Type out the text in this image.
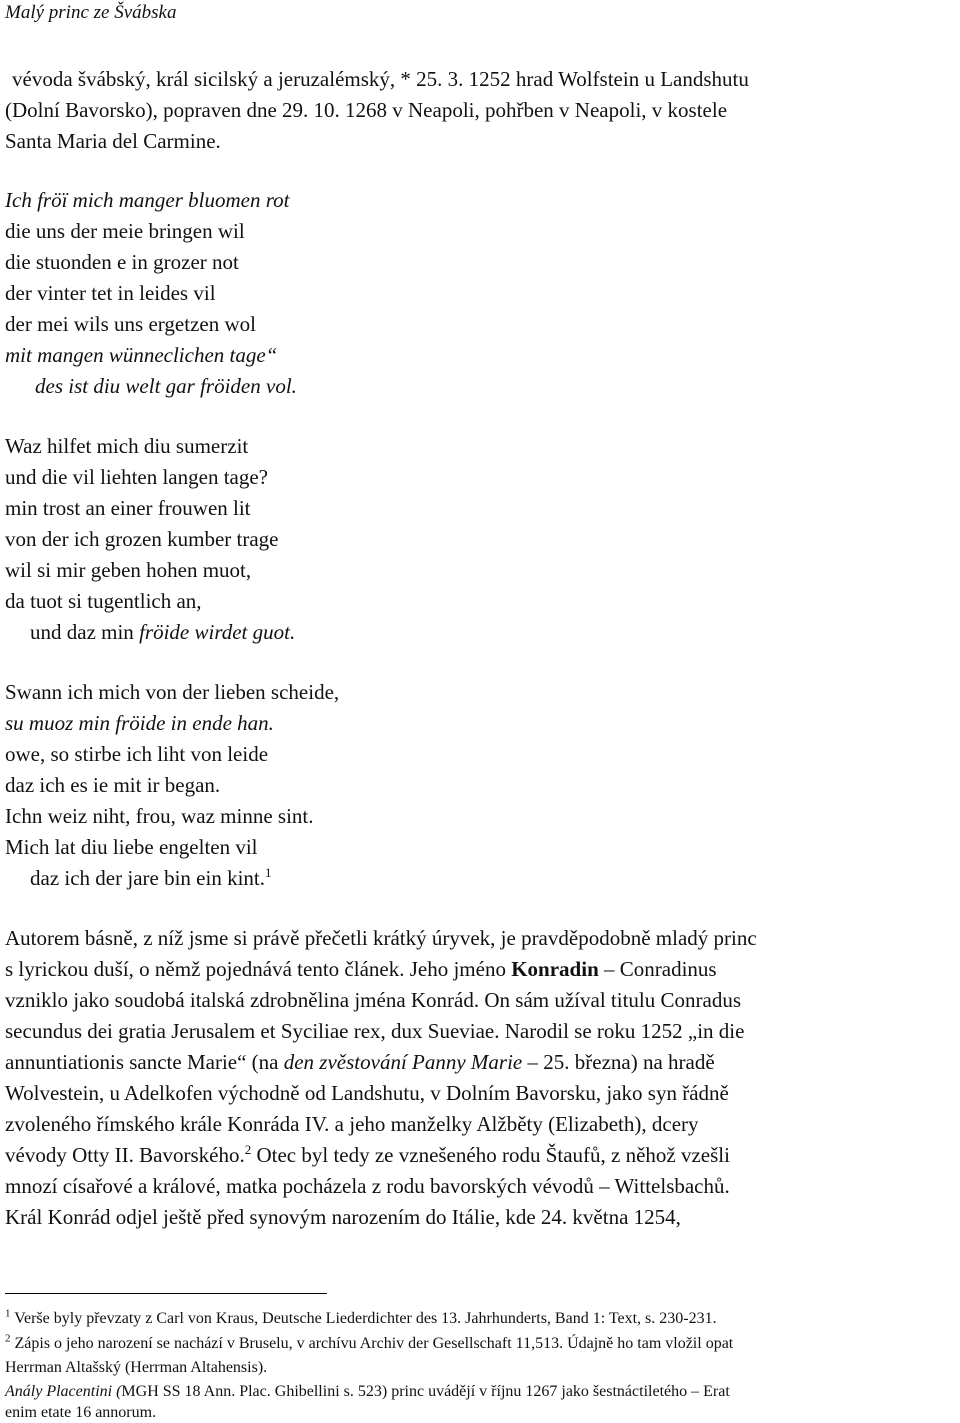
Malý princ ze Švábska
vévoda švábský, král sicilský a jeruzalémský, * 25. 3. 1252 hrad Wolfstein u Landshutu
(Dolní Bavorsko), popraven dne 29. 10. 1268 v Neapoli, pohřben v Neapoli, v kostele
Santa Maria del Carmine.
Ich fröï mich manger bluomen rot
die uns der meie bringen wil
die stuonden e in grozer not
der vinter tet in leides vil
der mei wils uns ergetzen wol
mit mangen wünneclichen tage“
des ist diu welt gar fröiden vol.
Waz hilfet mich diu sumerzit
und die vil liehten langen tage?
min trost an einer frouwen lit
von der ich grozen kumber trage
wil si mir geben hohen muot,
da tuot si tugentlich an,
und daz min fröide wirdet guot.
Swann ich mich von der lieben scheide,
su muoz min fröide in ende han.
owe, so stirbe ich liht von leide
daz ich es ie mit ir began.
Ichn weiz niht, frou, waz minne sint.
Mich lat diu liebe engelten vil
daz ich der jare bin ein kint.$^1$
Autorem básně, z níž jsme si právě přečetli krátký úryvek, je pravděpodobně mladý princ
s lyrickou duší, o němž pojednává tento článek. Jeho jméno Konradin – Conradinus
vzniklo jako soudobá italská zdrobnělina jména Konrád. On sám užíval titulu Conradus
secundus dei gratia Jerusalem et Syciliae rex, dux Sueviae. Narodil se roku 1252 „in die
annuntiationis sancte Marie“ (na den zvěstování Panny Marie – 25. března) na hradě
Wolvestein, u Adelkofen východně od Landshutu, v Dolním Bavorsku, jako syn řádně
zvoleného římského krále Konráda IV. a jeho manželky Alžběty (Elizabeth), dcery
vévody Otty II. Bavorského.$^2$ Otec byl tedy ze vznešeného rodu Štaufů, z něhož vzešli
mnozí císařové a králové, matka pocházela z rodu bavorských vévodů – Wittelsbachů.
Král Konrád odjel ještě před synovým narozením do Itálie, kde 24. května 1254,
$^1$ Verše byly převzaty z Carl von Kraus, Deutsche Liederdichter des 13. Jahrhunderts, Band 1: Text, s. 230-231.
$^2$ Zápis o jeho narození se nachází v Bruselu, v archívu Archiv der Gesellschaft 11,513. Údajně ho tam vložil opat
Herrman Altašský (Herrman Altahensis).
Anály Placentini (MGH SS 18 Ann. Plac. Ghibellini s. 523) princ uvádějí v říjnu 1267 jako šestnáctiletého – Erat
enim etate 16 annorum.
